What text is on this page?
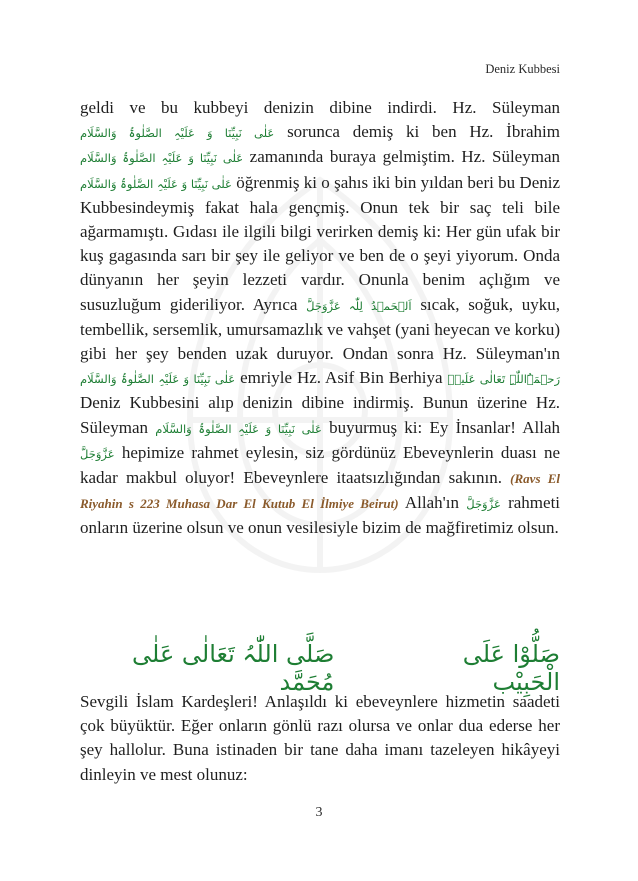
Deniz Kubbesi

geldi ve bu kubbeyi denizin dibine indirdi. Hz. Süleyman عَلٰی نَبِیِّنَا وَ عَلَیْہِ الصَّلٰوۃُ وَالسَّلَام sorunca demiş ki ben Hz. İbrahim عَلٰی نَبِیِّنَا وَ عَلَیْہِ الصَّلٰوۃُ وَالسَّلَام zamanında buraya gelmiştim. Hz. Süleyman عَلٰی نَبِیِّنَا وَ عَلَیْہِ الصَّلٰوۃُ وَالسَّلَام öğrenmiş ki o şahıs iki bin yıldan beri bu Deniz Kubbesindeymiş fakat hala gençmiş. Onun tek bir saç teli bile ağarmamıştı. Gıdası ile ilgili bilgi verirken demiş ki: Her gün ufak bir kuş gagasında sarı bir şey ile geliyor ve ben de o şeyi yiyorum. Onda dünyanın her şeyin lezzeti vardır. Onunla benim açlığım ve susuzluğum gideriliyor. Ayrıca اَلۡحَمۡدُ لِلّٰہ عَزَّوَجَلَّ sıcak, soğuk, uyku, tembellik, sersemlik, umursamazlık ve vahşet (yani heyecan ve korku) gibi her şey benden uzak duruyor. Ondan sonra Hz. Süleyman'ın عَلٰی نَبِیِّنَا وَ عَلَیْہِ الصَّلٰوۃُ وَالسَّلَام emriyle Hz. Asif Bin Berhiya رَحۡمَۃُاللّٰہِ تَعَالٰی عَلَیۡہ Deniz Kubbesini alıp denizin dibine indirmiş. Bunun üzerine Hz. Süleyman عَلٰی نَبِیِّنَا وَ عَلَیْہِ الصَّلٰوۃُ وَالسَّلَام buyurmuş ki: Ey İnsanlar! Allah عَزَّوَجَلَّ hepimize rahmet eylesin, siz gördünüz Ebeveynlerin duası ne kadar makbul oluyor! Ebeveynlere itaatsızlığından sakının. (Ravs El Riyahin s 223 Muhasa Dar El Kutub El İlmiye Beirut) Allah'ın عَزَّوَجَلَّ rahmeti onların üzerine olsun ve onun vesilesiyle bizim de mağfiretimiz olsun.

صَلُّوْا عَلَی الْحَبِیْب
صَلَّی اللّٰہُ تَعَالٰی عَلٰی مُحَمَّد

Sevgili İslam Kardeşleri! Anlaşıldı ki ebeveynlere hizmetin saadeti çok büyüktür. Eğer onların gönlü razı olursa ve onlar dua ederse her şey hallolur. Buna istinaden bir tane daha imanı tazeleyen hikâyeyi dinleyin ve mest olunuz:

3
